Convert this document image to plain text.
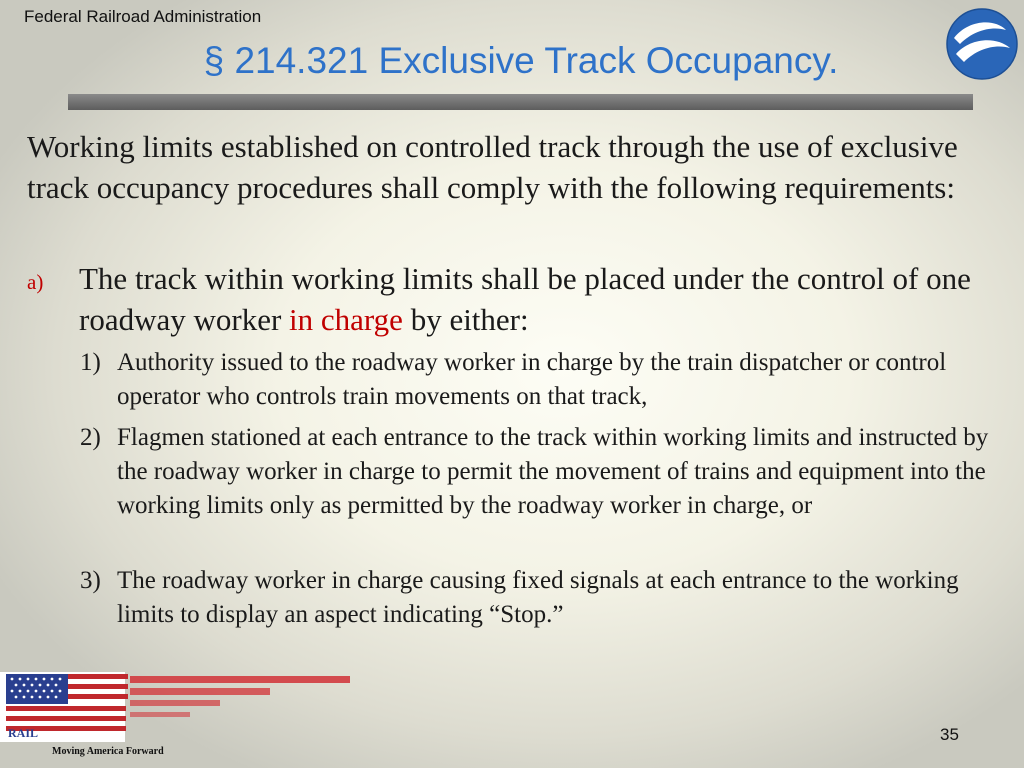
Federal Railroad Administration
§ 214.321 Exclusive Track Occupancy.

Working limits established on controlled track through the use of exclusive track occupancy procedures shall comply with the following requirements:

a) The track within working limits shall be placed under the control of one roadway worker in charge by either:

1) Authority issued to the roadway worker in charge by the train dispatcher or control operator who controls train movements on that track,
2) Flagmen stationed at each entrance to the track within working limits and instructed by the roadway worker in charge to permit the movement of trains and equipment into the working limits only as permitted by the roadway worker in charge, or
3) The roadway worker in charge causing fixed signals at each entrance to the working limits to display an aspect indicating “Stop.”
RAIL
Moving America Forward
35
